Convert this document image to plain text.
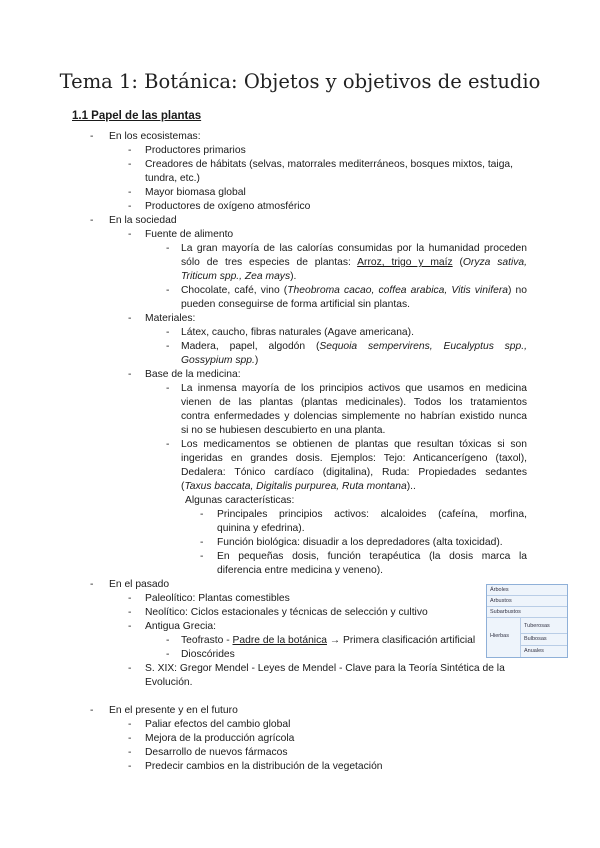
Tema 1: Botánica: Objetos y objetivos de estudio
1.1 Papel de las plantas
- En los ecosistemas:
- Productores primarios
- Creadores de hábitats (selvas, matorrales mediterráneos, bosques mixtos, taiga,
tundra, etc.)
- Mayor biomasa global
- Productores de oxígeno atmosférico
- En la sociedad
- Fuente de alimento
- La gran mayoría de las calorías consumidas por la humanidad proceden
sólo de tres especies de plantas: Arroz, trigo y maíz (Oryza sativa,
Triticum spp., Zea mays).
- Chocolate, café, vino (Theobroma cacao, coffea arabica, Vitis vinifera) no
pueden conseguirse de forma artificial sin plantas.
- Materiales:
- Látex, caucho, fibras naturales (Agave americana).
- Madera, papel, algodón (Sequoia sempervirens, Eucalyptus spp.,
Gossypium spp.)
- Base de la medicina:
- La inmensa mayoría de los principios activos que usamos en medicina
vienen de las plantas (plantas medicinales). Todos los tratamientos
contra enfermedades y dolencias simplemente no habrían existido nunca
si no se hubiesen descubierto en una planta.
- Los medicamentos se obtienen de plantas que resultan tóxicas si son
ingeridas en grandes dosis. Ejemplos: Tejo: Anticancerígeno (taxol),
Dedalera: Tónico cardíaco (digitalina), Ruda: Propiedades sedantes
(Taxus baccata, Digitalis purpurea, Ruta montana)..
Algunas características:
- Principales principios activos: alcaloides (cafeína, morfina,
quinina y efedrina).
- Función biológica: disuadir a los depredadores (alta toxicidad).
- En pequeñas dosis, función terapéutica (la dosis marca la
diferencia entre medicina y veneno).
- En el pasado
- Paleolítico: Plantas comestibles
- Neolítico: Ciclos estacionales y técnicas de selección y cultivo
- Antigua Grecia:
- Teofrasto - Padre de la botánica → Primera clasificación artificial
- Dioscórides
- S. XIX: Gregor Mendel - Leyes de Mendel - Clave para la Teoría Sintética de la
Evolución.
- En el presente y en el futuro
- Paliar efectos del cambio global
- Mejora de la producción agrícola
- Desarrollo de nuevos fármacos
- Predecir cambios en la distribución de la vegetación
Árboles
Arbustos
Subarbustos
Hierbas
Tuberosas
Bulbosas
Anuales
